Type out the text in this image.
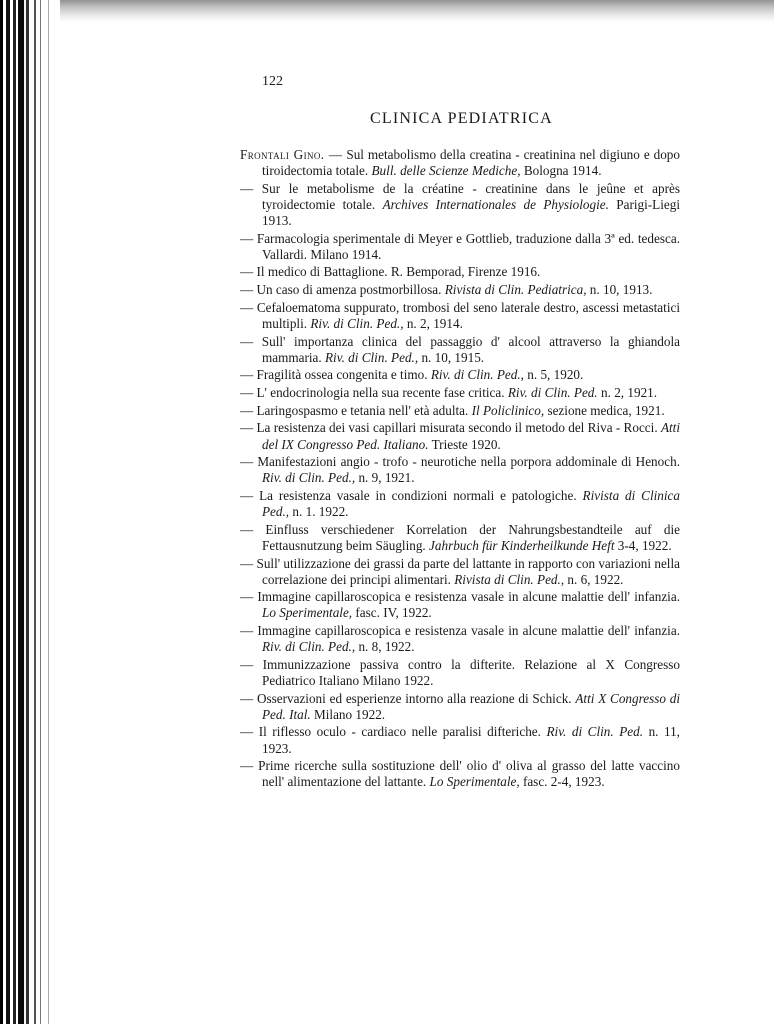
122
CLINICA PEDIATRICA

Frontali Gino. — Sul metabolismo della creatina - creatinina nel digiuno e dopo tiroidectomia totale. Bull. delle Scienze Mediche, Bologna 1914.

— Sur le metabolisme de la créatine - creatinine dans le jeûne et après tyroidectomie totale. Archives Internationales de Physiologie. Parigi-Liegi 1913.

— Farmacologia sperimentale di Meyer e Gottlieb, traduzione dalla 3ª ed. tedesca. Vallardi. Milano 1914.

— Il medico di Battaglione. R. Bemporad, Firenze 1916.

— Un caso di amenza postmorbillosa. Rivista di Clin. Pediatrica, n. 10, 1913.

— Cefaloematoma suppurato, trombosi del seno laterale destro, ascessi metastatici multipli. Riv. di Clin. Ped., n. 2, 1914.

— Sull' importanza clinica del passaggio d' alcool attraverso la ghiandola mammaria. Riv. di Clin. Ped., n. 10, 1915.

— Fragilità ossea congenita e timo. Riv. di Clin. Ped., n. 5, 1920.

— L' endocrinologia nella sua recente fase critica. Riv. di Clin. Ped. n. 2, 1921.

— Laringospasmo e tetania nell' età adulta. Il Policlinico, sezione medica, 1921.

— La resistenza dei vasi capillari misurata secondo il metodo del Riva - Rocci. Atti del IX Congresso Ped. Italiano. Trieste 1920.

— Manifestazioni angio - trofo - neurotiche nella porpora addominale di Henoch. Riv. di Clin. Ped., n. 9, 1921.

— La resistenza vasale in condizioni normali e patologiche. Rivista di Clinica Ped., n. 1. 1922.

— Einfluss verschiedener Korrelation der Nahrungsbestandteile auf die Fettausnutzung beim Säugling. Jahrbuch für Kinderheilkunde Heft 3-4, 1922.

— Sull' utilizzazione dei grassi da parte del lattante in rapporto con variazioni nella correlazione dei principi alimentari. Rivista di Clin. Ped., n. 6, 1922.

— Immagine capillaroscopica e resistenza vasale in alcune malattie dell' infanzia. Lo Sperimentale, fasc. IV, 1922.

— Immagine capillaroscopica e resistenza vasale in alcune malattie dell' infanzia. Riv. di Clin. Ped., n. 8, 1922.

— Immunizzazione passiva contro la difterite. Relazione al X Congresso Pediatrico Italiano Milano 1922.

— Osservazioni ed esperienze intorno alla reazione di Schick. Atti X Congresso di Ped. Ital. Milano 1922.

— Il riflesso oculo - cardiaco nelle paralisi difteriche. Riv. di Clin. Ped. n. 11, 1923.

— Prime ricerche sulla sostituzione dell' olio d' oliva al grasso del latte vaccino nell' alimentazione del lattante. Lo Sperimentale, fasc. 2-4, 1923.
